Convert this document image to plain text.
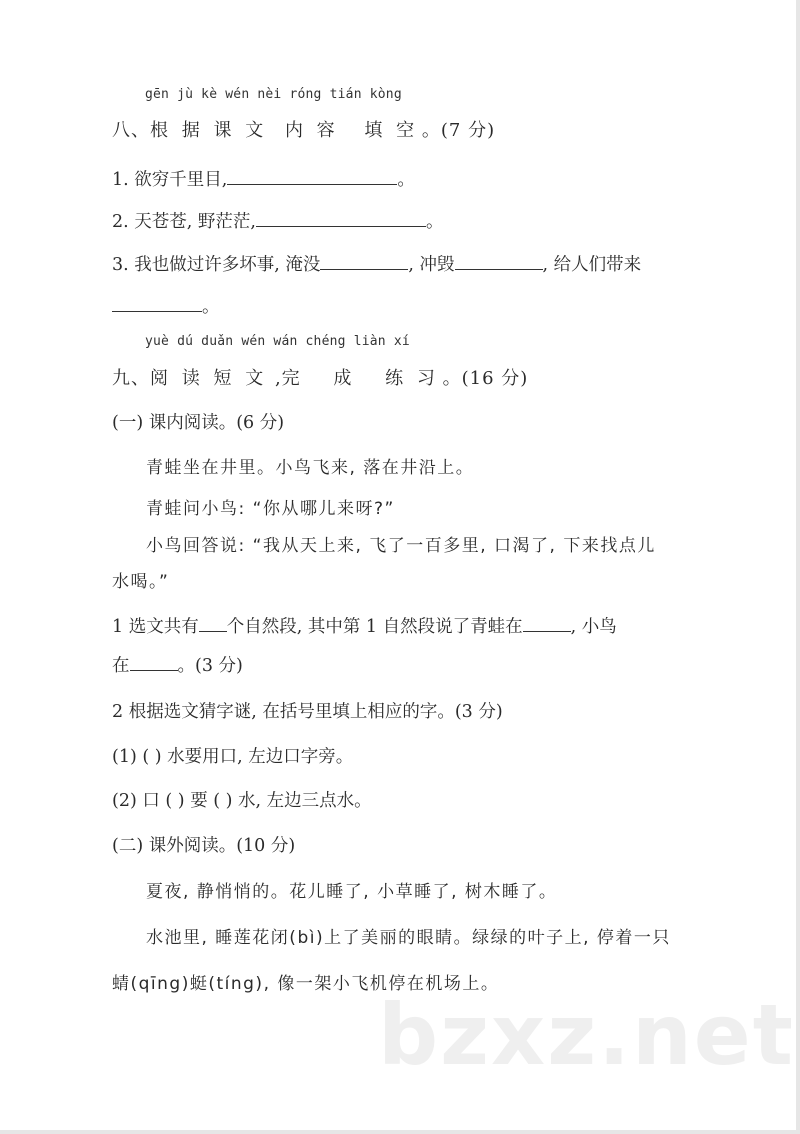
gēn jù kè wén nèi róng tián kòng
八、根 据 课 文 内 容 填 空 。(7 分)
1. 欲穷千里目,	。
2. 天苍苍, 野茫茫,	。
3. 我也做过许多坏事, 淹没	, 冲毁	, 给人们带来
。
yuè dú duǎn wén wán chéng liàn xí
九、阅 读 短 文 ,完 成 练 习 。(16 分)
(一) 课内阅读。(6 分)
青蛙坐在井里。小鸟飞来, 落在井沿上。
青蛙问小鸟: “你从哪儿来呀?”
小鸟回答说: “我从天上来, 飞了一百多里, 口渴了, 下来找点儿
水喝。”
1 选文共有 个自然段, 其中第 1 自然段说了青蛙在	, 小鸟
在	。(3 分)
2 根据选文猜字谜, 在括号里填上相应的字。(3 分)
(1) ( ) 水要用口, 左边口字旁。
(2) 口 ( ) 要 ( ) 水, 左边三点水。
(二) 课外阅读。(10 分)
夏夜, 静悄悄的。花儿睡了, 小草睡了, 树木睡了。
水池里, 睡莲花闭(bì)上了美丽的眼睛。绿绿的叶子上, 停着一只
蜻(qīng)蜓(tíng), 像一架小飞机停在机场上。
bzxz.net
